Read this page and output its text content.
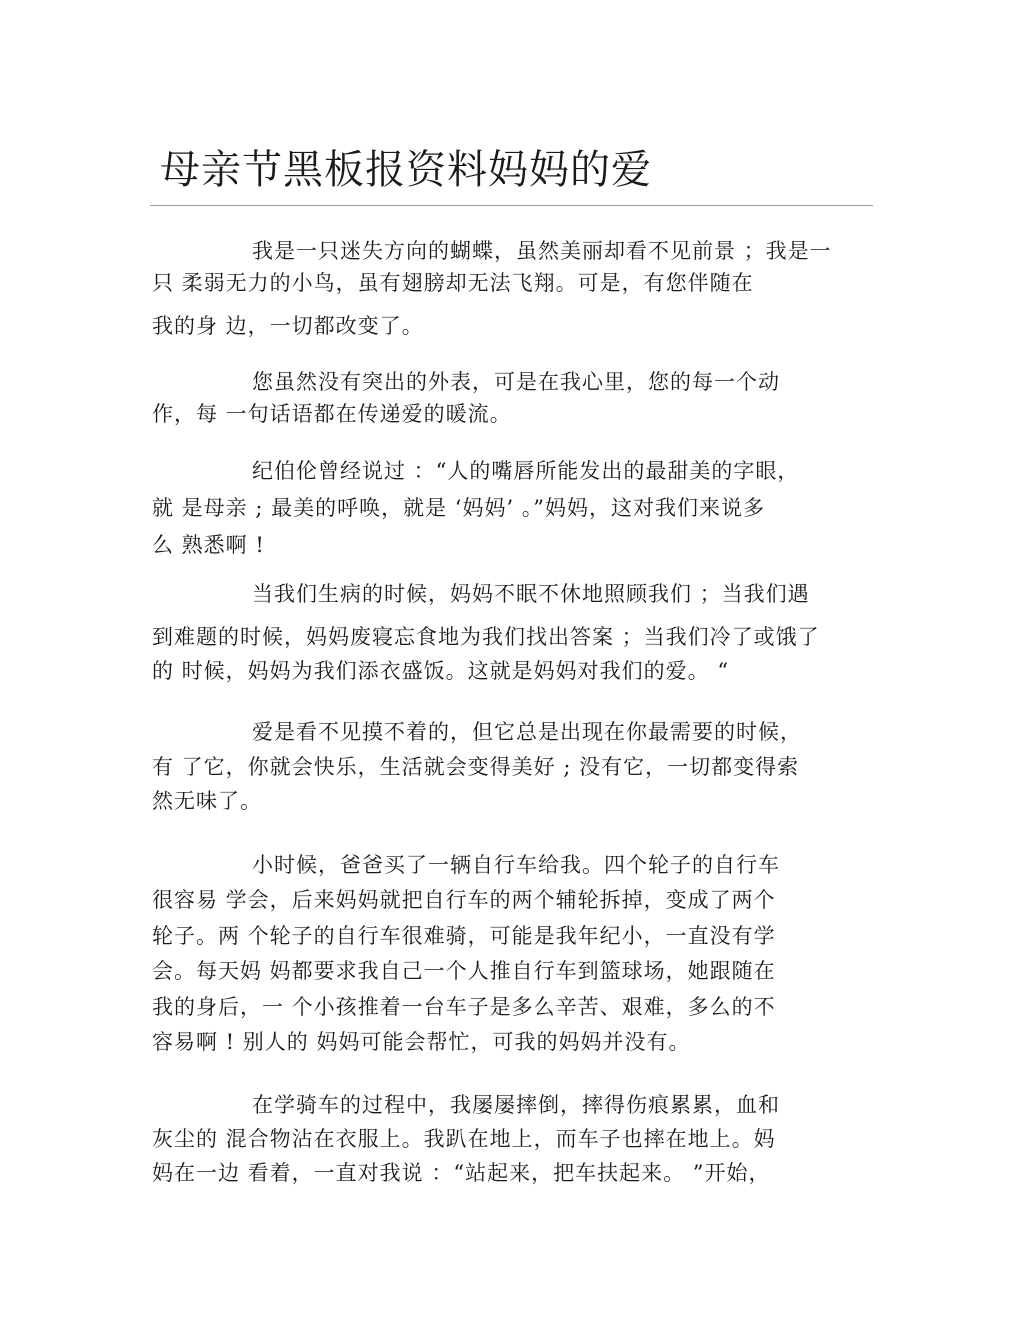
母亲节黑板报资料妈妈的爱
我是一只迷失方向的蝴蝶，虽然美丽却看不见前景 ；我是一
只 柔弱无力的小鸟，虽有翅膀却无法飞翔。可是，有您伴随在
我的身 边，一切都改变了。
您虽然没有突出的外表，可是在我心里，您的每一个动
作，每 一句话语都在传递爱的暖流。
纪伯伦曾经说过 ：“人的嘴唇所能发出的最甜美的字眼，
就 是母亲 ; 最美的呼唤，就是 ‘妈妈’ 。”妈妈，这对我们来说多
么 熟悉啊 !
当我们生病的时候，妈妈不眠不休地照顾我们 ；当我们遇
到难题的时候，妈妈废寝忘食地为我们找出答案 ；当我们冷了或饿了
的 时候，妈妈为我们添衣盛饭。这就是妈妈对我们的爱。 “
爱是看不见摸不着的，但它总是出现在你最需要的时候，
有 了它，你就会快乐，生活就会变得美好 ; 没有它，一切都变得索
然无味了。
小时候，爸爸买了一辆自行车给我。四个轮子的自行车
很容易 学会，后来妈妈就把自行车的两个辅轮拆掉，变成了两个
轮子。两 个轮子的自行车很难骑，可能是我年纪小，一直没有学
会。每天妈 妈都要求我自己一个人推自行车到篮球场，她跟随在
我的身后，一 个小孩推着一台车子是多么辛苦、艰难，多么的不
容易啊 ! 别人的 妈妈可能会帮忙，可我的妈妈并没有。
在学骑车的过程中，我屡屡摔倒，摔得伤痕累累，血和
灰尘的 混合物沾在衣服上。我趴在地上，而车子也摔在地上。妈
妈在一边 看着，一直对我说 ：“站起来，把车扶起来。 ”开始，
